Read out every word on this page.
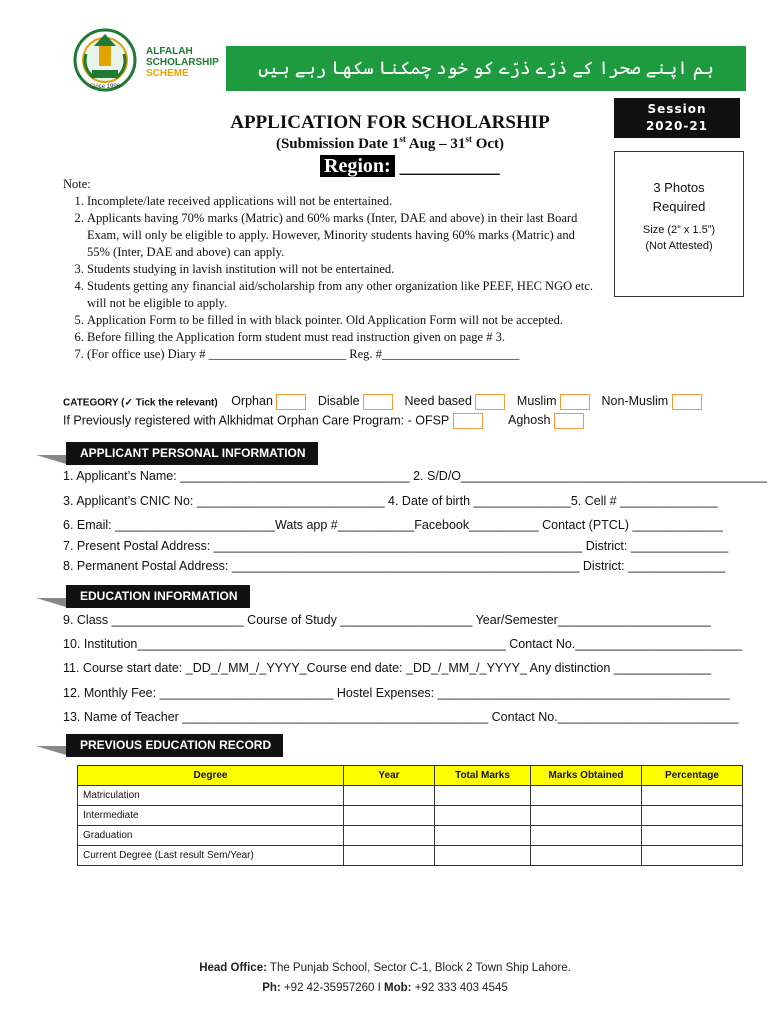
Since 1996
ALFALAH
SCHOLARSHIP
SCHEME	ہم اپنے صحرا کے ذرّے ذرّے کو خود چمکنا سکھا رہے ہیں
Session
2020-21
APPLICATION FOR SCHOLARSHIP
(Submission Date 1st Aug – 31st Oct)
Region: __________
3 Photos
Required
Size (2” x 1.5”)
(Not Attested)
Note:
1. Incomplete/late received applications will not be entertained.
2. Applicants having 70% marks (Matric) and 60% marks (Inter, DAE and above) in their last Board Exam, will only be eligible to apply. However, Minority students having 60% marks (Matric) and 55% (Inter, DAE and above) can apply.
3. Students studying in lavish institution will not be entertained.
4. Students getting any financial aid/scholarship from any other organization like PEEF, HEC NGO etc. will not be eligible to apply.
5. Application Form to be filled in with black pointer. Old Application Form will not be accepted.
6. Before filling the Application form student must read instruction given on page # 3.
7. (For office use) Diary # ______________________ Reg. #______________________
CATEGORY (✓ Tick the relevant) Orphan	Disable	Need based	Muslim	Non-Muslim
If Previously registered with Alkhidmat Orphan Care Program: - OFSP	Aghosh
APPLICANT PERSONAL INFORMATION
1. Applicant’s Name: _________________________________ 2. S/D/O____________________________________________
3. Applicant’s CNIC No: ___________________________ 4. Date of birth ______________5. Cell # ______________
6. Email: _______________________Wats app #___________Facebook__________ Contact (PTCL) _____________
7. Present Postal Address: _____________________________________________________ District: ______________
8. Permanent Postal Address: __________________________________________________ District: ______________
EDUCATION INFORMATION
9. Class ___________________ Course of Study ___________________ Year/Semester______________________
10. Institution_____________________________________________________ Contact No.________________________
11. Course start date: _DD_/_MM_/_YYYY_Course end date: _DD_/_MM_/_YYYY_ Any distinction ______________
12. Monthly Fee: _________________________ Hostel Expenses: __________________________________________
13. Name of Teacher ____________________________________________ Contact No.__________________________
PREVIOUS EDUCATION RECORD
Degree	Year	Total Marks	Marks Obtained	Percentage
Matriculation				
Intermediate				
Graduation				
Current Degree (Last result Sem/Year)				
Head Office: The Punjab School, Sector C-1, Block 2 Town Ship Lahore.
Ph: +92 42-35957260 I Mob: +92 333 403 4545
